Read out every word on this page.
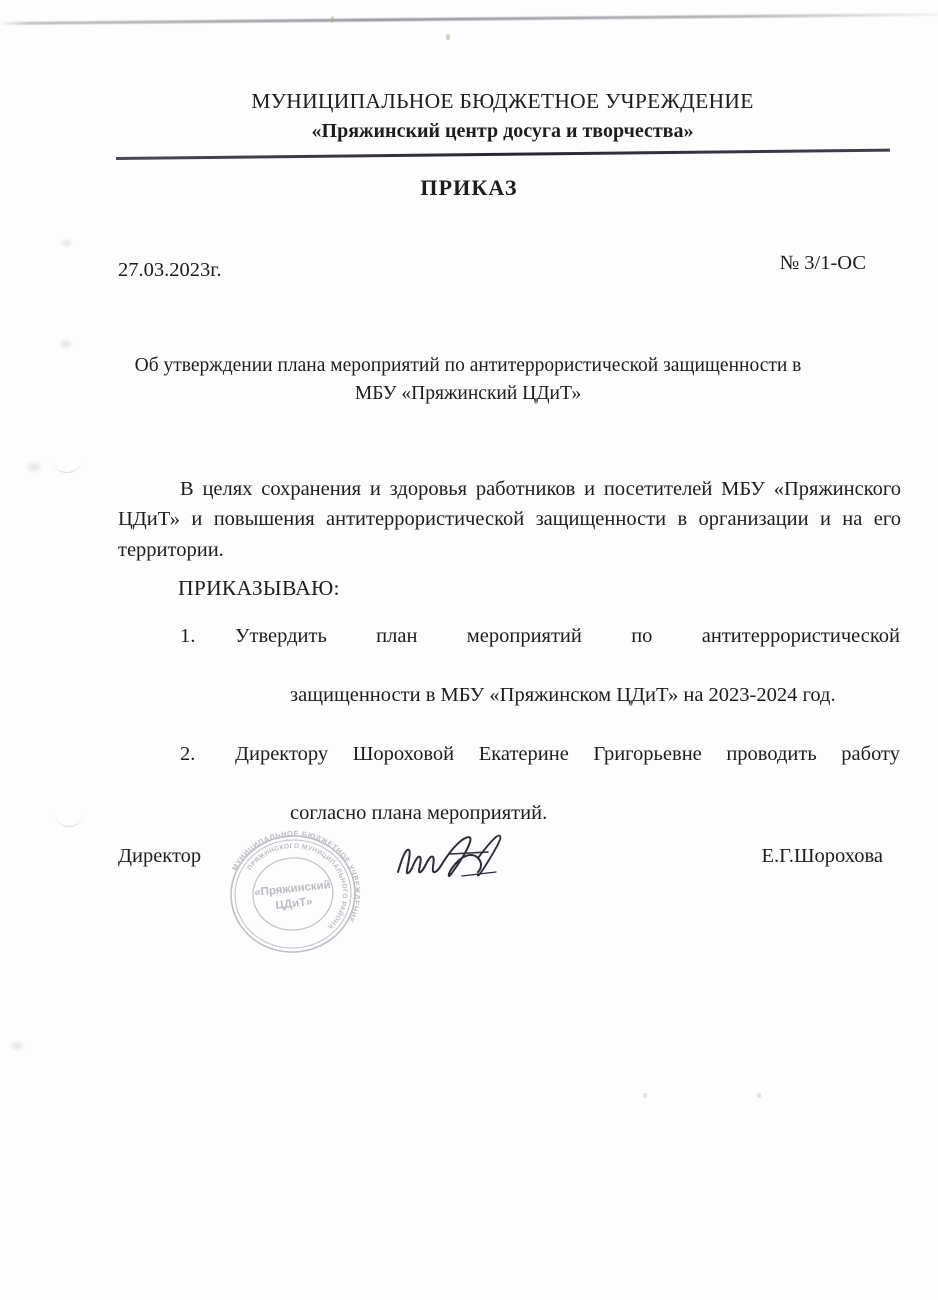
МУНИЦИПАЛЬНОЕ БЮДЖЕТНОЕ УЧРЕЖДЕНИЕ
«Пряжинский центр досуга и творчества»
ПРИКАЗ
27.03.2023г.	№ 3/1-ОС
Об утверждении плана мероприятий по антитеррористической защищенности в МБУ «Пряжинский ЦДиТ»
В целях сохранения и здоровья работников и посетителей МБУ «Пряжинского ЦДиТ» и повышения антитеррористической защищенности в организации и на его территории.
ПРИКАЗЫВАЮ:
1.	Утвердить план мероприятий по антитеррористической
защищенности в МБУ «Пряжинском ЦДиТ» на 2023-2024 год.
2.	Директору Шороховой Екатерине Григорьевне проводить работу
согласно плана мероприятий.
МУНИЦИПАЛЬНОЕ БЮДЖЕТНОЕ УЧРЕЖДЕНИЕ
ПРЯЖИНСКОГО МУНИЦИПАЛЬНОГО РАЙОНА
«Пряжинский
ЦДиТ»
Директор	Е.Г.Шорохова
